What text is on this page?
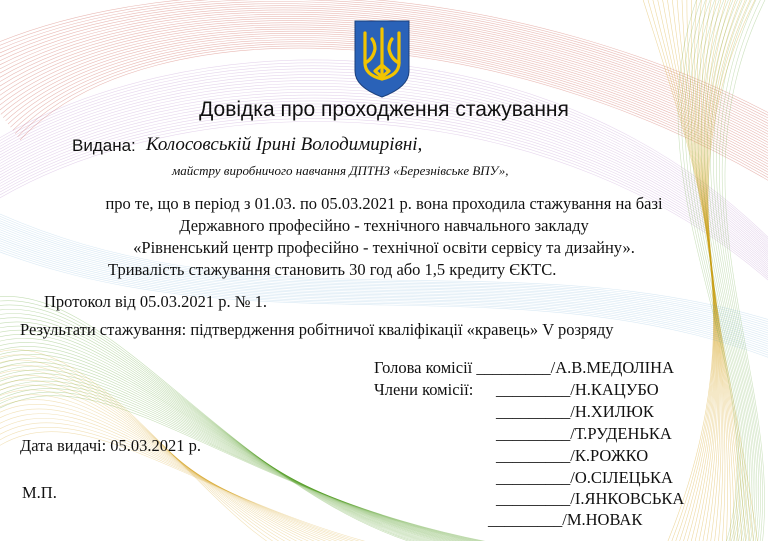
Довідка про проходження стажування
Видана: Колосовській Ірині Володимирівні,
майстру виробничого навчання ДПТНЗ «Березнівське ВПУ»,
про те, що в період з 01.03. по 05.03.2021 р. вона проходила стажування на базі
Державного професійно - технічного навчального закладу
«Рівненський центр професійно - технічної освіти сервісу та дизайну».
Тривалість стажування становить 30 год або 1,5 кредиту ЄКТС.
Протокол від 05.03.2021 р. № 1.
Результати стажування: підтвердження робітничої кваліфікації «кравець» V розряду
Голова комісії _________/А.В.МЕДОЛІНА
Члени комісії: _________/Н.КАЦУБО
_________/Н.ХИЛЮК
_________/Т.РУДЕНЬКА
_________/К.РОЖКО
_________/О.СІЛЕЦЬКА
_________/І.ЯНКОВСЬКА
_________/М.НОВАК
Дата видачі: 05.03.2021 р.
М.П.
